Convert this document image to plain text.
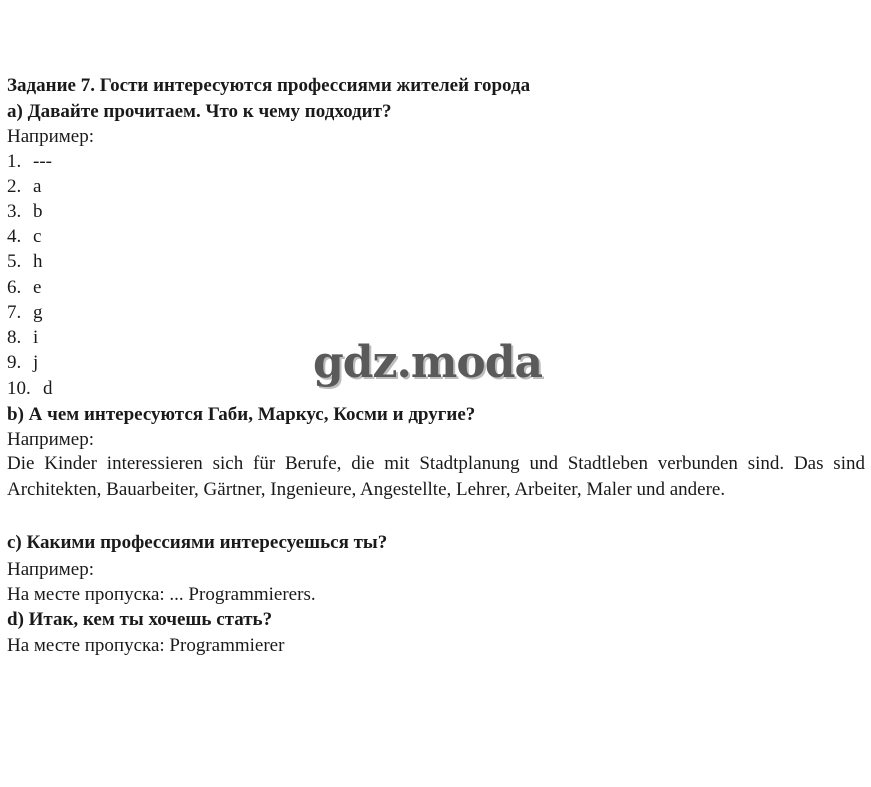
Задание 7. Гости интересуются профессиями жителей города
а) Давайте прочитаем. Что к чему подходит?
Например:
1. ---
2. a
3. b
4. c
5. h
6. e
7. g
8. i
9. j
10. d
gdz.moda
b) А чем интересуются Габи, Маркус, Косми и другие?
Например:
Die Kinder interessieren sich für Berufe, die mit Stadtplanung und Stadtleben verbunden sind. Das sind Architekten, Bauarbeiter, Gärtner, Ingenieure, Angestellte, Lehrer, Arbeiter, Maler und andere.
с) Какими профессиями интересуешься ты?
Например:
На месте пропуска: ... Programmierers.
d) Итак, кем ты хочешь стать?
На месте пропуска: Programmierer
